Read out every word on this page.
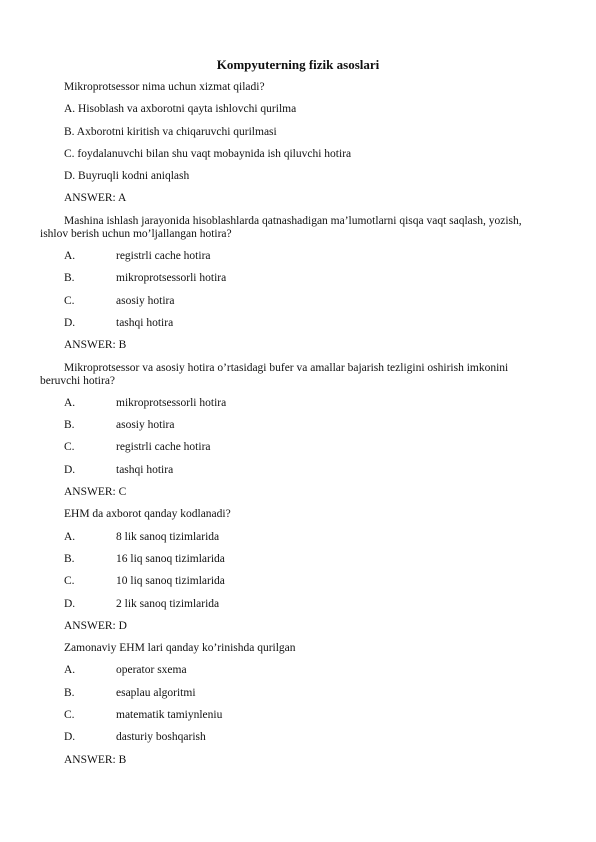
Kompyuterning fizik asoslari
Mikroprotsessor nima uchun xizmat qiladi?
A. Hisoblash va axborotni qayta ishlovchi qurilma
B. Axborotni kiritish va chiqaruvchi qurilmasi
C. foydalanuvchi bilan shu vaqt mobaynida ish qiluvchi hotira
D. Buyruqli kodni aniqlash
ANSWER: A
Mashina ishlash jarayonida hisoblashlarda qatnashadigan ma’lumotlarni qisqa vaqt saqlash, yozish, ishlov berish uchun mo’ljallangan hotira?
A.	registrli cache hotira
B.	mikroprotsessorli hotira
C.	asosiy hotira
D.	tashqi hotira
ANSWER: B
Mikroprotsessor va asosiy hotira o’rtasidagi bufer va amallar bajarish tezligini oshirish imkonini beruvchi hotira?
A.	mikroprotsessorli hotira
B.	asosiy hotira
C.	registrli cache hotira
D.	tashqi hotira
ANSWER: C
EHM da axborot qanday kodlanadi?
A.	8 lik sanoq tizimlarida
B.	16 liq sanoq tizimlarida
C.	10 liq sanoq tizimlarida
D.	2 lik sanoq tizimlarida
ANSWER: D
Zamonaviy EHM lari qanday ko’rinishda qurilgan
A.	operator sxema
B.	esaplau algoritmi
C.	matematik tamiynleniu
D.	dasturiy boshqarish
ANSWER: B
